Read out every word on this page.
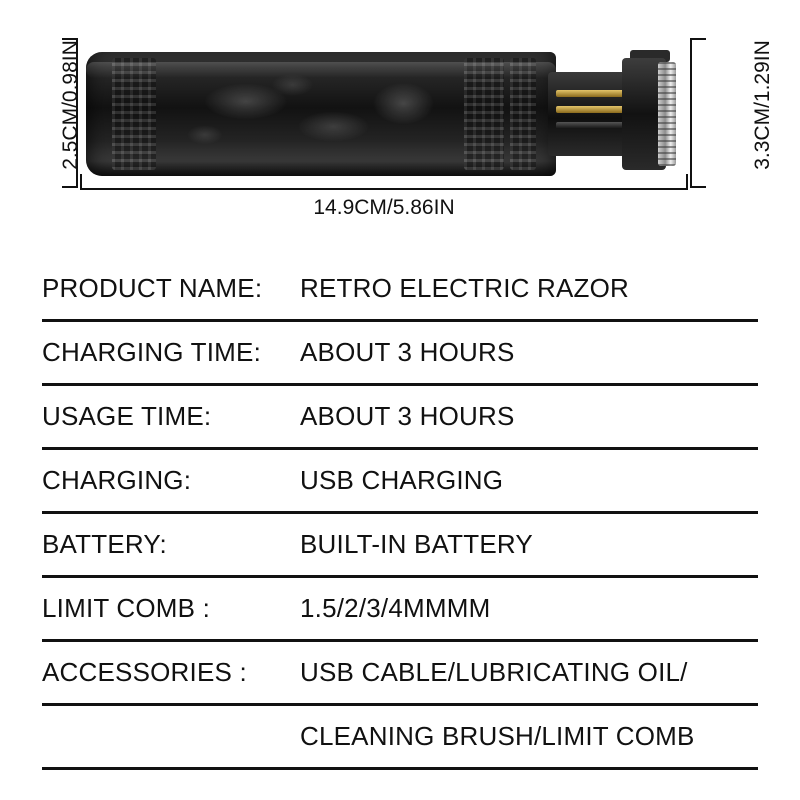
2.5CM/0.98IN	3.3CM/1.29IN
14.9CM/5.86IN
PRODUCT NAME:	RETRO ELECTRIC RAZOR
CHARGING TIME:	ABOUT 3 HOURS
USAGE TIME:	ABOUT 3 HOURS
CHARGING:	USB CHARGING
BATTERY:	BUILT-IN BATTERY
LIMIT COMB :	1.5/2/3/4MMMM
ACCESSORIES :	USB CABLE/LUBRICATING OIL/
CLEANING BRUSH/LIMIT COMB
